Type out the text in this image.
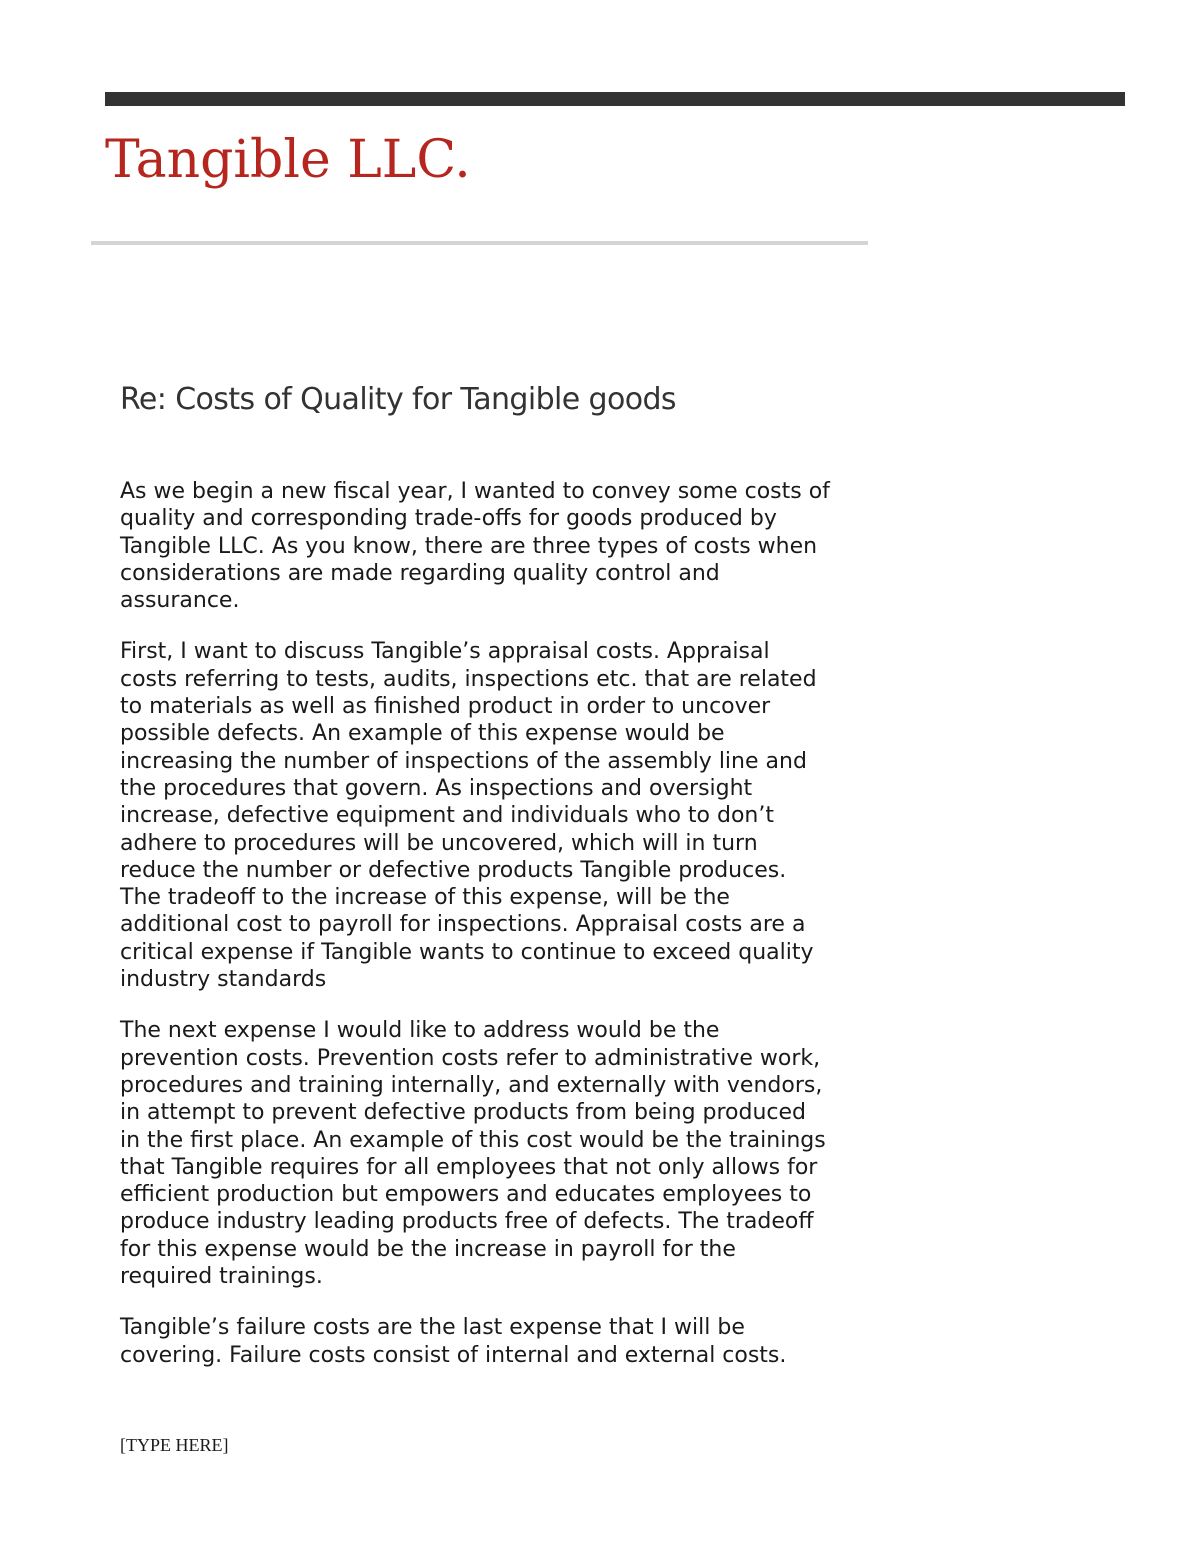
Tangible LLC.
Re: Costs of Quality for Tangible goods

As we begin a new fiscal year, I wanted to convey some costs of
quality and corresponding trade-offs for goods produced by
Tangible LLC. As you know, there are three types of costs when
considerations are made regarding quality control and
assurance.

First, I want to discuss Tangible’s appraisal costs. Appraisal
costs referring to tests, audits, inspections etc. that are related
to materials as well as finished product in order to uncover
possible defects. An example of this expense would be
increasing the number of inspections of the assembly line and
the procedures that govern. As inspections and oversight
increase, defective equipment and individuals who to don’t
adhere to procedures will be uncovered, which will in turn
reduce the number or defective products Tangible produces.
The tradeoff to the increase of this expense, will be the
additional cost to payroll for inspections. Appraisal costs are a
critical expense if Tangible wants to continue to exceed quality
industry standards

The next expense I would like to address would be the
prevention costs. Prevention costs refer to administrative work,
procedures and training internally, and externally with vendors,
in attempt to prevent defective products from being produced
in the first place. An example of this cost would be the trainings
that Tangible requires for all employees that not only allows for
efficient production but empowers and educates employees to
produce industry leading products free of defects. The tradeoff
for this expense would be the increase in payroll for the
required trainings.

Tangible’s failure costs are the last expense that I will be
covering. Failure costs consist of internal and external costs.

[TYPE HERE]
